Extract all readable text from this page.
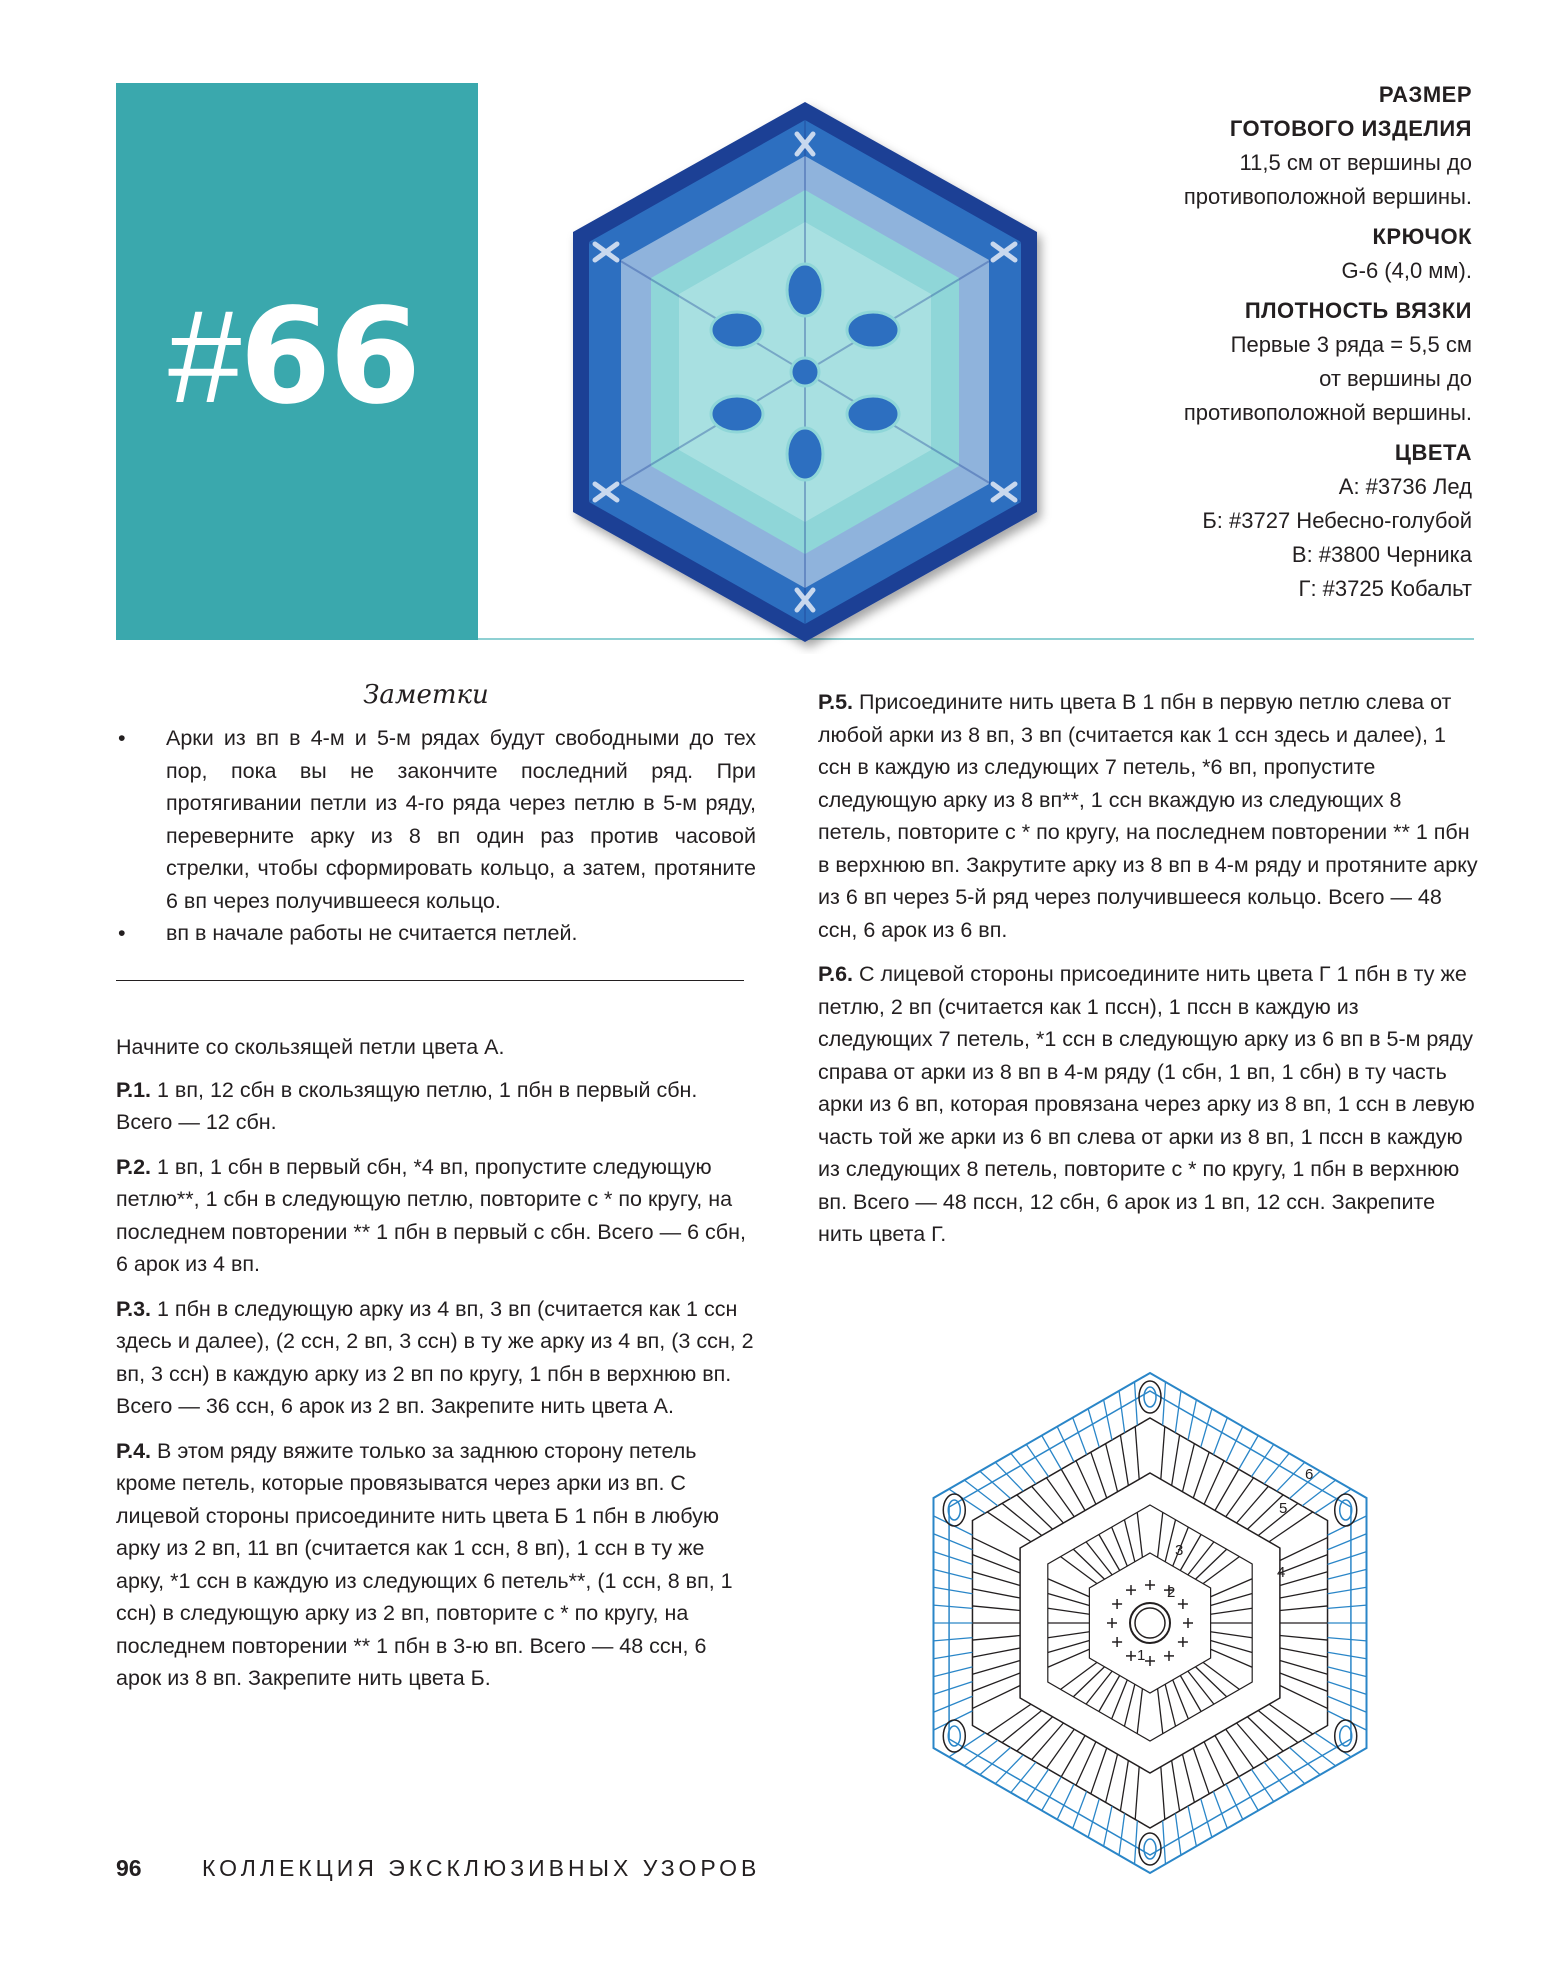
#66
РАЗМЕР
ГОТОВОГО ИЗДЕЛИЯ
11,5 см от вершины до
противоположной вершины.
КРЮЧОК
G-6 (4,0 мм).
ПЛОТНОСТЬ ВЯЗКИ
Первые 3 ряда = 5,5 см
от вершины до
противоположной вершины.
ЦВЕТА
А: #3736 Лед
Б: #3727 Небесно-голубой
В: #3800 Черника
Г: #3725 Кобальт
Заметки
• Арки из вп в 4-м и 5-м рядах будут свободными до тех пор, пока вы не закончите последний ряд. При протягивании петли из 4-го ряда через петлю в 5-м ряду, переверните арку из 8 вп один раз против часовой стрелки, чтобы сформировать кольцо, а затем, протяните 6 вп через получившееся кольцо.
• вп в начале работы не считается петлей.

Начните со скользящей петли цвета А.

Р.1. 1 вп, 12 сбн в скользящую петлю, 1 пбн в первый сбн. Всего — 12 сбн.

Р.2. 1 вп, 1 сбн в первый сбн, *4 вп, пропустите следующую петлю**, 1 сбн в следующую петлю, повторите с * по кругу, на последнем повторении ** 1 пбн в первый с сбн. Всего — 6 сбн, 6 арок из 4 вп.

Р.3. 1 пбн в следующую арку из 4 вп, 3 вп (считается как 1 ссн здесь и далее), (2 ссн, 2 вп, 3 ссн) в ту же арку из 4 вп, (3 ссн, 2 вп, 3 ссн) в каждую арку из 2 вп по кругу, 1 пбн в верхнюю вп. Всего — 36 ссн, 6 арок из 2 вп. Закрепите нить цвета А.

Р.4. В этом ряду вяжите только за заднюю сторону петель кроме петель, которые провязыватся через арки из вп. С лицевой стороны присоедините нить цвета Б 1 пбн в любую арку из 2 вп, 11 вп (считается как 1 ссн, 8 вп), 1 ссн в ту же арку, *1 ссн в каждую из следующих 6 петель**, (1 ссн, 8 вп, 1 ссн) в следующую арку из 2 вп, повторите с * по кругу, на последнем повторении ** 1 пбн в 3-ю вп. Всего — 48 ссн, 6 арок из 8 вп. Закрепите нить цвета Б.

Р.5. Присоедините нить цвета В 1 пбн в первую петлю слева от любой арки из 8 вп, 3 вп (считается как 1 ссн здесь и далее), 1 ссн в каждую из следующих 7 петель, *6 вп, пропустите следующую арку из 8 вп**, 1 ссн вкаждую из следующих 8 петель, повторите с * по кругу, на последнем повторении ** 1 пбн в верхнюю вп. Закрутите арку из 8 вп в 4-м ряду и протяните арку из 6 вп через 5-й ряд через получившееся кольцо. Всего — 48 ссн, 6 арок из 6 вп.

Р.6. С лицевой стороны присоедините нить цвета Г 1 пбн в ту же петлю, 2 вп (считается как 1 пссн), 1 пссн в каждую из следующих 7 петель, *1 ссн в следующую арку из 6 вп в 5-м ряду справа от арки из 8 вп в 4-м ряду (1 сбн, 1 вп, 1 сбн) в ту часть арки из 6 вп, которая провязана через арку из 8 вп, 1 ссн в левую часть той же арки из 6 вп слева от арки из 8 вп, 1 пссн в каждую из следующих 8 петель, повторите с * по кругу, 1 пбн в верхнюю вп. Всего — 48 пссн, 12 сбн, 6 арок из 1 вп, 12 ссн. Закрепите нить цвета Г.

1
2
3
4
5
6
96	КОЛЛЕКЦИЯ ЭКСКЛЮЗИВНЫХ УЗОРОВ
